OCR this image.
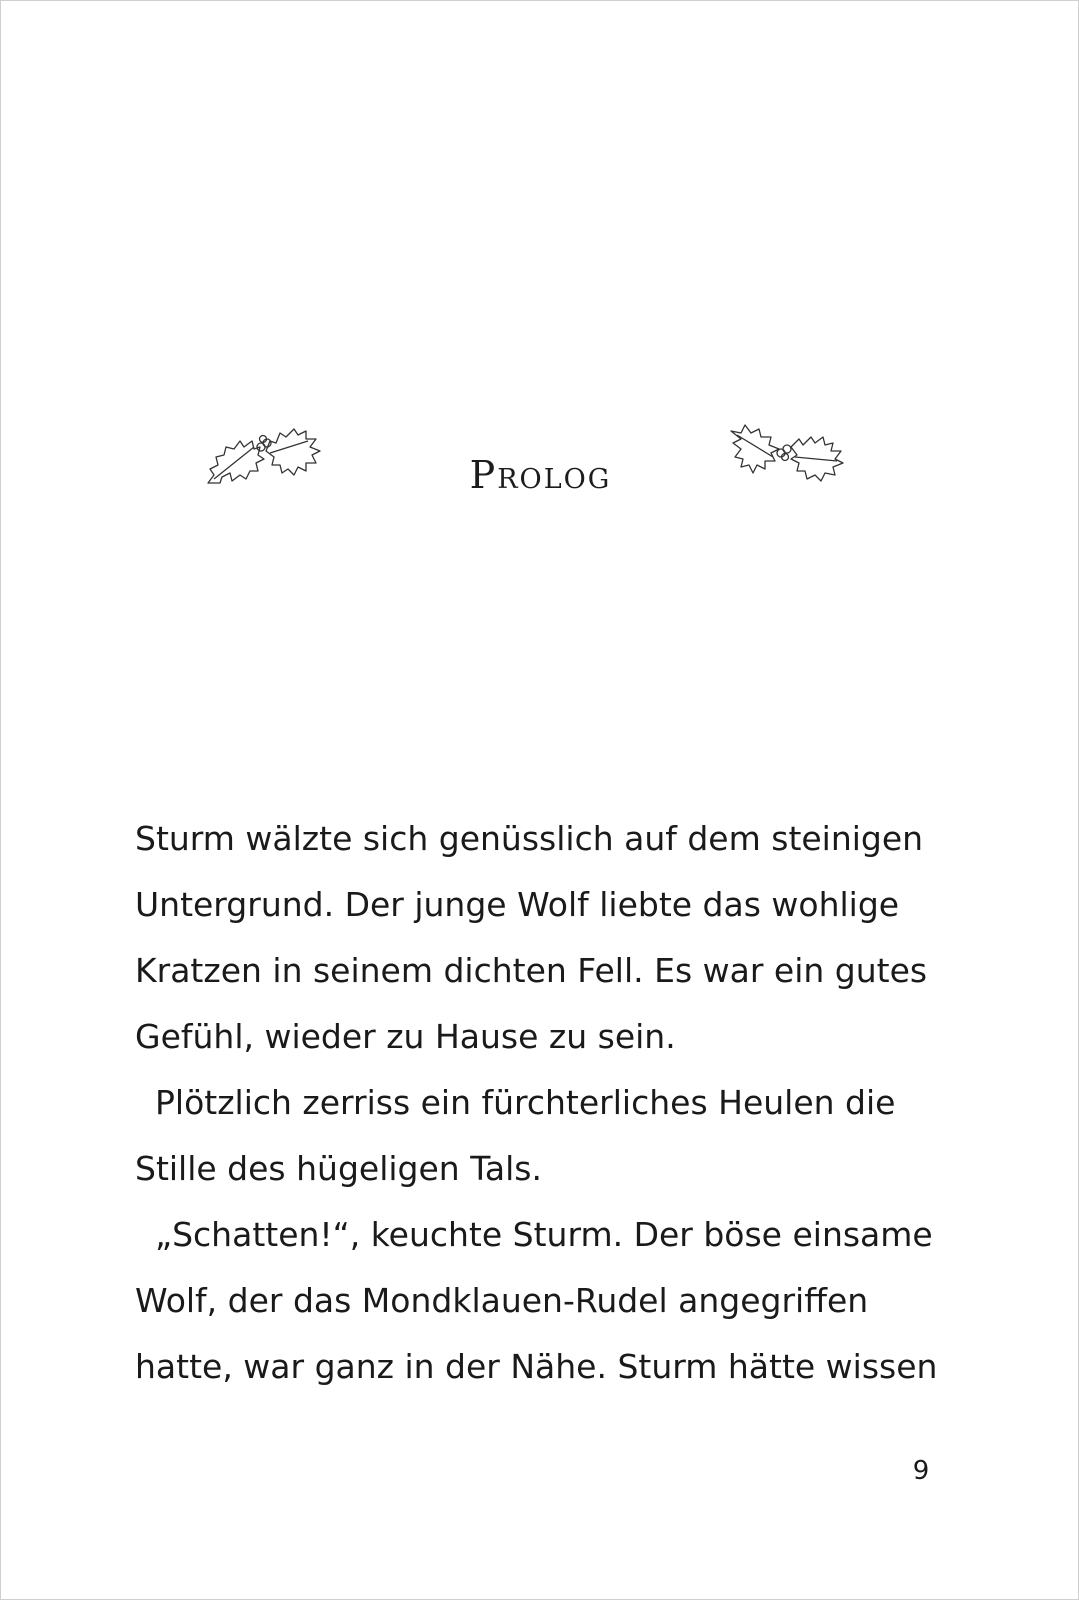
Prolog
Sturm wälzte sich genüsslich auf dem steinigen
Untergrund. Der junge Wolf liebte das wohlige
Kratzen in seinem dichten Fell. Es war ein gutes
Gefühl, wieder zu Hause zu sein.
Plötzlich zerriss ein fürchterliches Heulen die
Stille des hügeligen Tals.
„Schatten!“, keuchte Sturm. Der böse einsame
Wolf, der das Mondklauen-Rudel angegriffen
hatte, war ganz in der Nähe. Sturm hätte wissen
9
